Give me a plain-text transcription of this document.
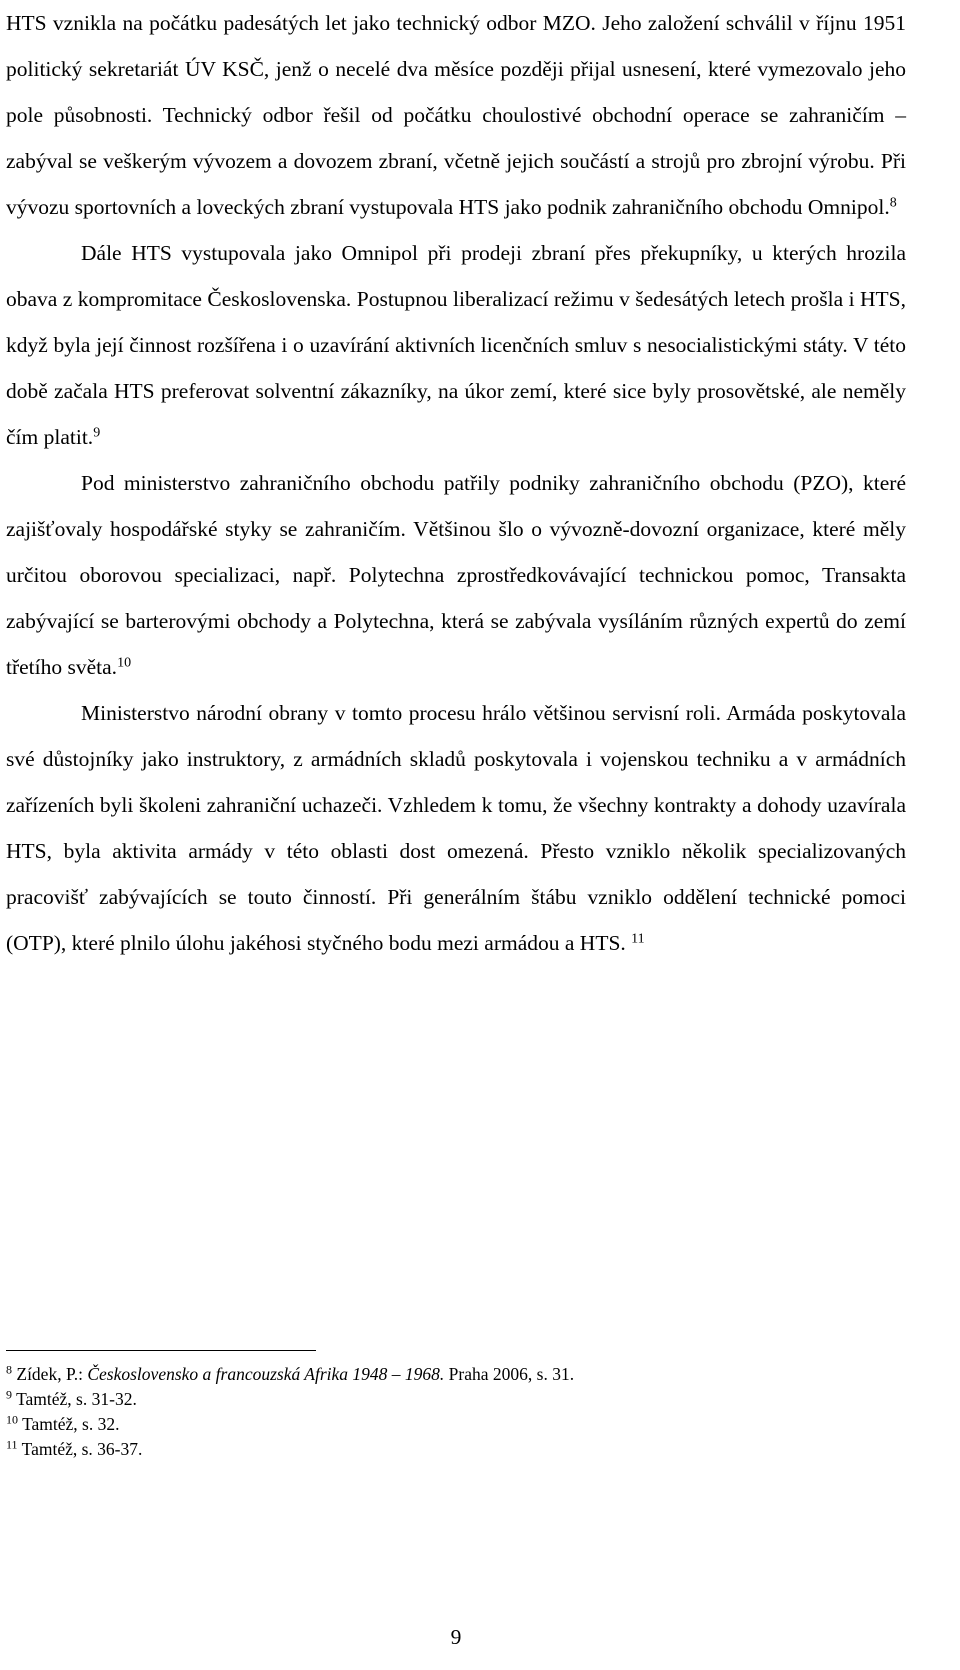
HTS vznikla na počátku padesátých let jako technický odbor MZO. Jeho založení schválil v říjnu 1951 politický sekretariát ÚV KSČ, jenž o necelé dva měsíce později přijal usnesení, které vymezovalo jeho pole působnosti. Technický odbor řešil od počátku choulostivé obchodní operace se zahraničím – zabýval se veškerým vývozem a dovozem zbraní, včetně jejich součástí a strojů pro zbrojní výrobu. Při vývozu sportovních a loveckých zbraní vystupovala HTS jako podnik zahraničního obchodu Omnipol.$^8$

Dále HTS vystupovala jako Omnipol při prodeji zbraní přes překupníky, u kterých hrozila obava z kompromitace Československa. Postupnou liberalizací režimu v šedesátých letech prošla i HTS, když byla její činnost rozšířena i o uzavírání aktivních licenčních smluv s nesocialistickými státy. V této době začala HTS preferovat solventní zákazníky, na úkor zemí, které sice byly prosovětské, ale neměly čím platit.$^9$

Pod ministerstvo zahraničního obchodu patřily podniky zahraničního obchodu (PZO), které zajišťovaly hospodářské styky se zahraničím. Většinou šlo o vývozně-dovozní organizace, které měly určitou oborovou specializaci, např. Polytechna zprostředkovávající technickou pomoc, Transakta zabývající se barterovými obchody a Polytechna, která se zabývala vysíláním různých expertů do zemí třetího světa.$^{10}$

Ministerstvo národní obrany v tomto procesu hrálo většinou servisní roli. Armáda poskytovala své důstojníky jako instruktory, z armádních skladů poskytovala i vojenskou techniku a v armádních zařízeních byli školeni zahraniční uchazeči. Vzhledem k tomu, že všechny kontrakty a dohody uzavírala HTS, byla aktivita armády v této oblasti dost omezená. Přesto vzniklo několik specializovaných pracovišť zabývajících se touto činností. Při generálním štábu vzniklo oddělení technické pomoci (OTP), které plnilo úlohu jakéhosi styčného bodu mezi armádou a HTS. $^{11}$

$^8$ Zídek, P.: Československo a francouzská Afrika 1948 – 1968. Praha 2006, s. 31.

$^9$ Tamtéž, s. 31-32.

$^{10}$ Tamtéž, s. 32.

$^{11}$ Tamtéž, s. 36-37.

9
